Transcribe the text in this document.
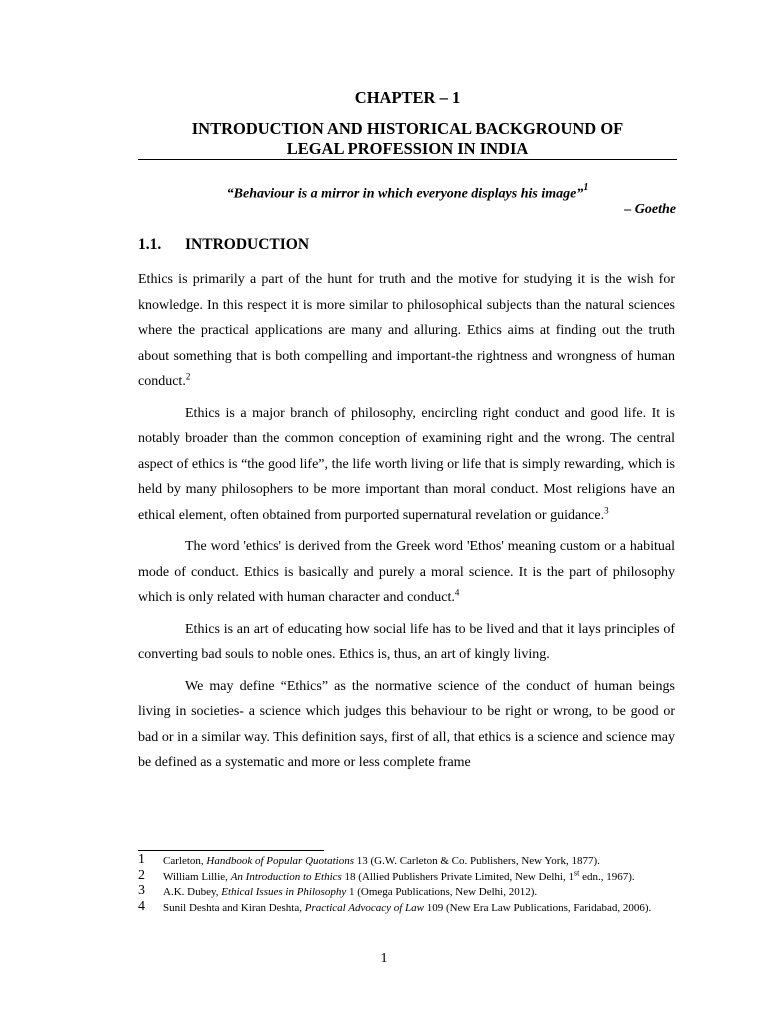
CHAPTER – 1
INTRODUCTION AND HISTORICAL BACKGROUND OF
LEGAL PROFESSION IN INDIA
“Behaviour is a mirror in which everyone displays his image”$^1$
– Goethe
1.1. INTRODUCTION

Ethics is primarily a part of the hunt for truth and the motive for studying it is the wish for knowledge. In this respect it is more similar to philosophical subjects than the natural sciences where the practical applications are many and alluring. Ethics aims at finding out the truth about something that is both compelling and important-the rightness and wrongness of human conduct.$^2$

Ethics is a major branch of philosophy, encircling right conduct and good life. It is notably broader than the common conception of examining right and the wrong. The central aspect of ethics is “the good life”, the life worth living or life that is simply rewarding, which is held by many philosophers to be more important than moral conduct. Most religions have an ethical element, often obtained from purported supernatural revelation or guidance.$^3$

The word 'ethics' is derived from the Greek word 'Ethos' meaning custom or a habitual mode of conduct. Ethics is basically and purely a moral science. It is the part of philosophy which is only related with human character and conduct.$^4$

Ethics is an art of educating how social life has to be lived and that it lays principles of converting bad souls to noble ones. Ethics is, thus, an art of kingly living.

We may define “Ethics” as the normative science of the conduct of human beings living in societies- a science which judges this behaviour to be right or wrong, to be good or bad or in a similar way. This definition says, first of all, that ethics is a science and science may be defined as a systematic and more or less complete frame

1 Carleton, Handbook of Popular Quotations 13 (G.W. Carleton & Co. Publishers, New York, 1877).
2 William Lillie, An Introduction to Ethics 18 (Allied Publishers Private Limited, New Delhi, 1st edn., 1967).
3 A.K. Dubey, Ethical Issues in Philosophy 1 (Omega Publications, New Delhi, 2012).
4 Sunil Deshta and Kiran Deshta, Practical Advocacy of Law 109 (New Era Law Publications, Faridabad, 2006).
1
